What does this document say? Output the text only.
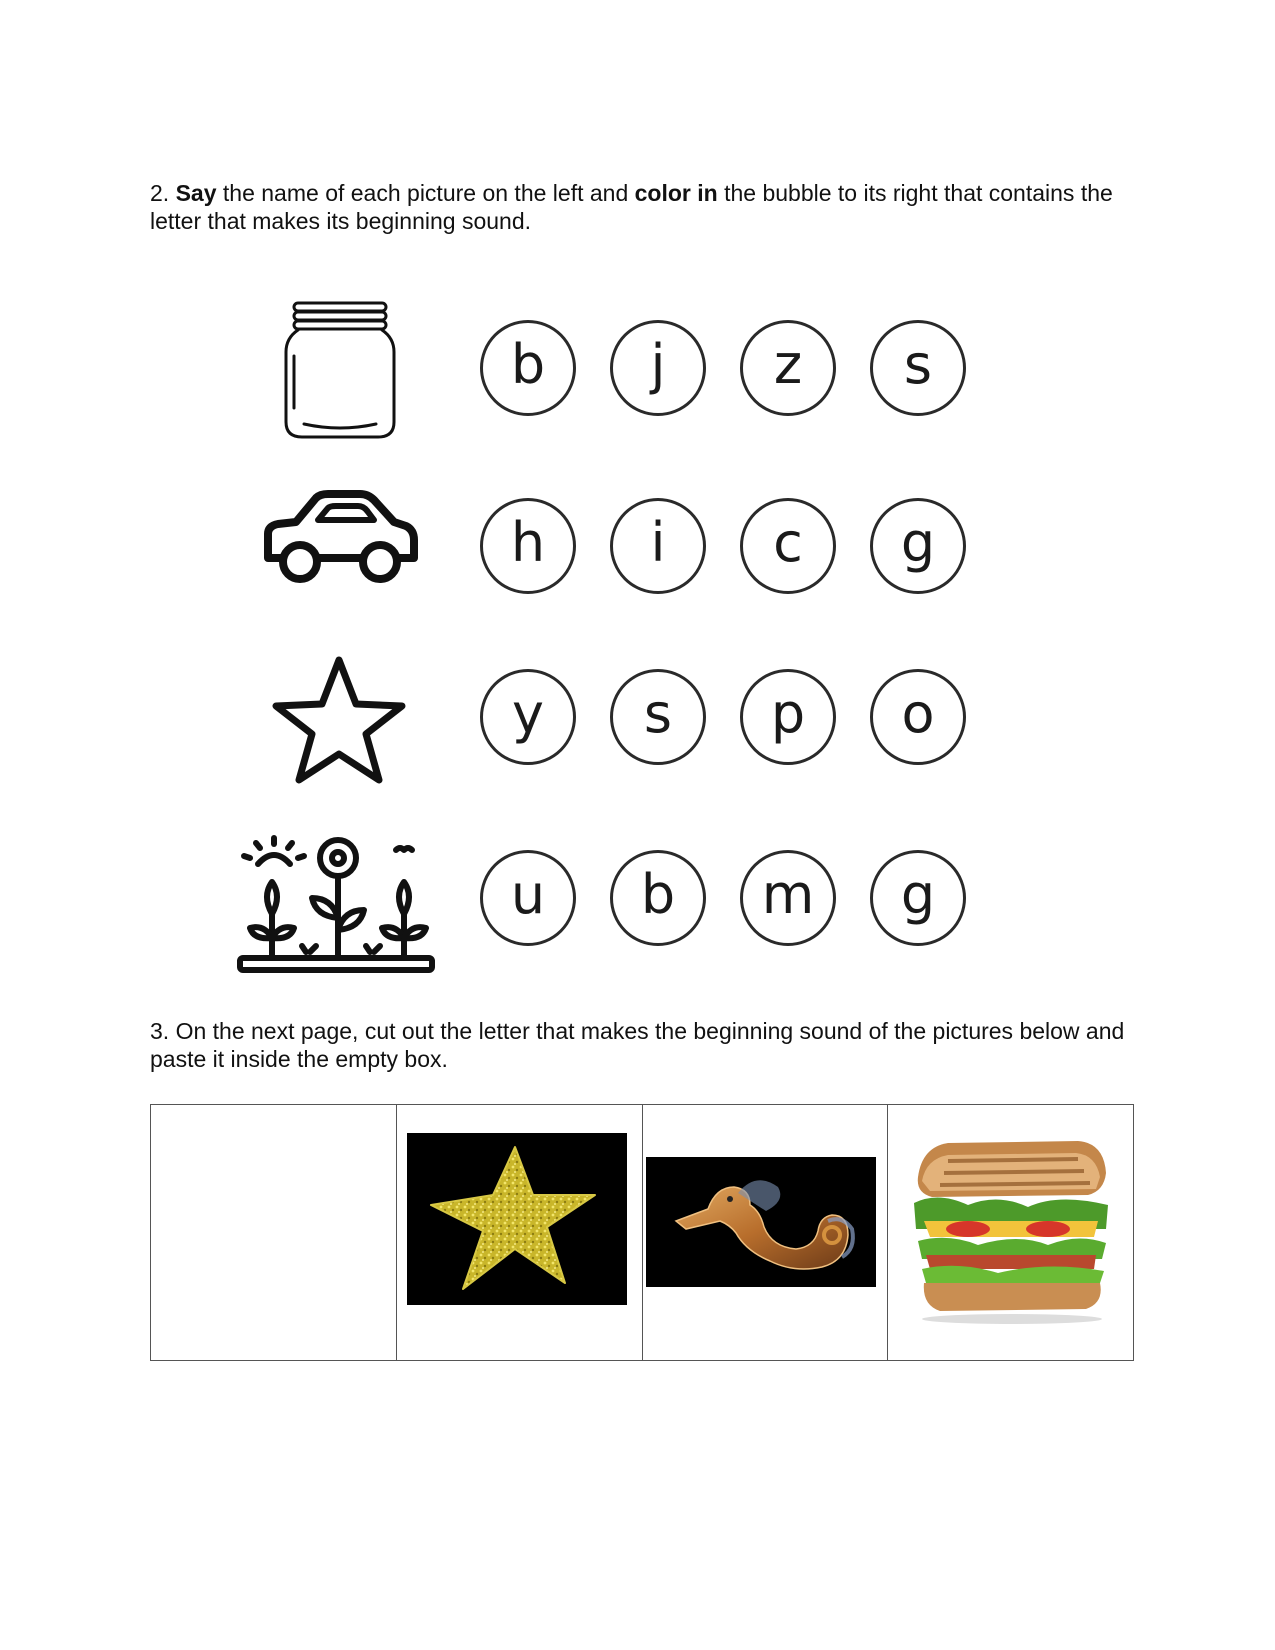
2. Say the name of each picture on the left and color in the bubble to its right that contains the letter that makes its beginning sound.
b	j	z	s
h	i	c	g
y	s	p	o
u	b	m	g
3. On the next page, cut out the letter that makes the beginning sound of the pictures below and paste it inside the empty box.
